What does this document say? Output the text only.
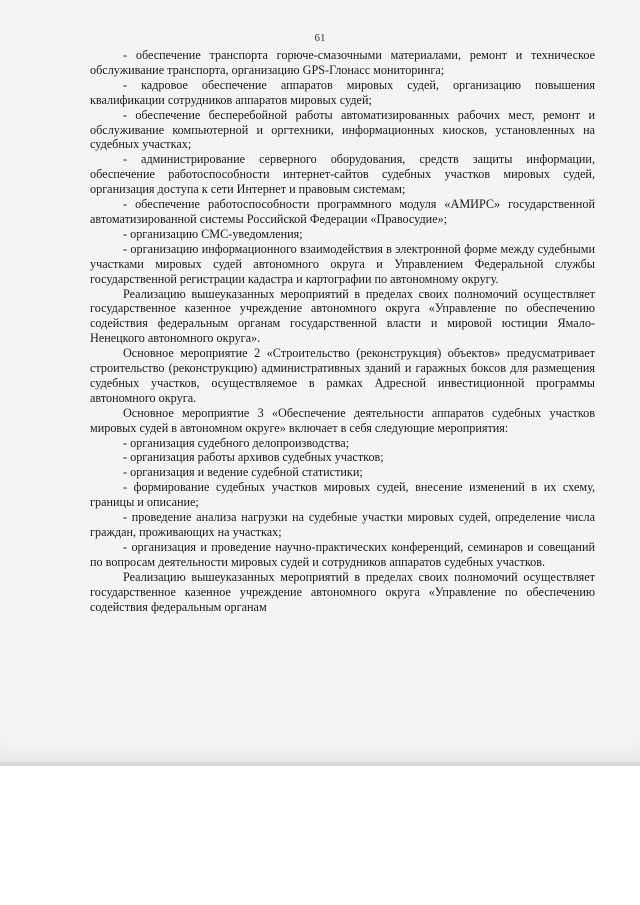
61

- обеспечение транспорта горюче-смазочными материалами, ремонт и техническое обслуживание транспорта, организацию GPS-Глонасс мониторинга;

- кадровое обеспечение аппаратов мировых судей, организацию повышения квалификации сотрудников аппаратов мировых судей;

- обеспечение бесперебойной работы автоматизированных рабочих мест, ремонт и обслуживание компьютерной и оргтехники, информационных киосков, установленных на судебных участках;

- администрирование серверного оборудования, средств защиты информации, обеспечение работоспособности интернет-сайтов судебных участков мировых судей, организация доступа к сети Интернет и правовым системам;

- обеспечение работоспособности программного модуля «АМИРС» государственной автоматизированной системы Российской Федерации «Правосудие»;

- организацию СМС-уведомления;

- организацию информационного взаимодействия в электронной форме между судебными участками мировых судей автономного округа и Управлением Федеральной службы государственной регистрации кадастра и картографии по автономному округу.

Реализацию вышеуказанных мероприятий в пределах своих полномочий осуществляет государственное казенное учреждение автономного округа «Управление по обеспечению содействия федеральным органам государственной власти и мировой юстиции Ямало-Ненецкого автономного округа».

Основное мероприятие 2 «Строительство (реконструкция) объектов» предусматривает строительство (реконструкцию) административных зданий и гаражных боксов для размещения судебных участков, осуществляемое в рамках Адресной инвестиционной программы автономного округа.

Основное мероприятие 3 «Обеспечение деятельности аппаратов судебных участков мировых судей в автономном округе» включает в себя следующие мероприятия:

- организация судебного делопроизводства;

- организация работы архивов судебных участков;

- организация и ведение судебной статистики;

- формирование судебных участков мировых судей, внесение изменений в их схему, границы и описание;

- проведение анализа нагрузки на судебные участки мировых судей, определение числа граждан, проживающих на участках;

- организация и проведение научно-практических конференций, семинаров и совещаний по вопросам деятельности мировых судей и сотрудников аппаратов судебных участков.

Реализацию вышеуказанных мероприятий в пределах своих полномочий осуществляет государственное казенное учреждение автономного округа «Управление по обеспечению содействия федеральным органам
